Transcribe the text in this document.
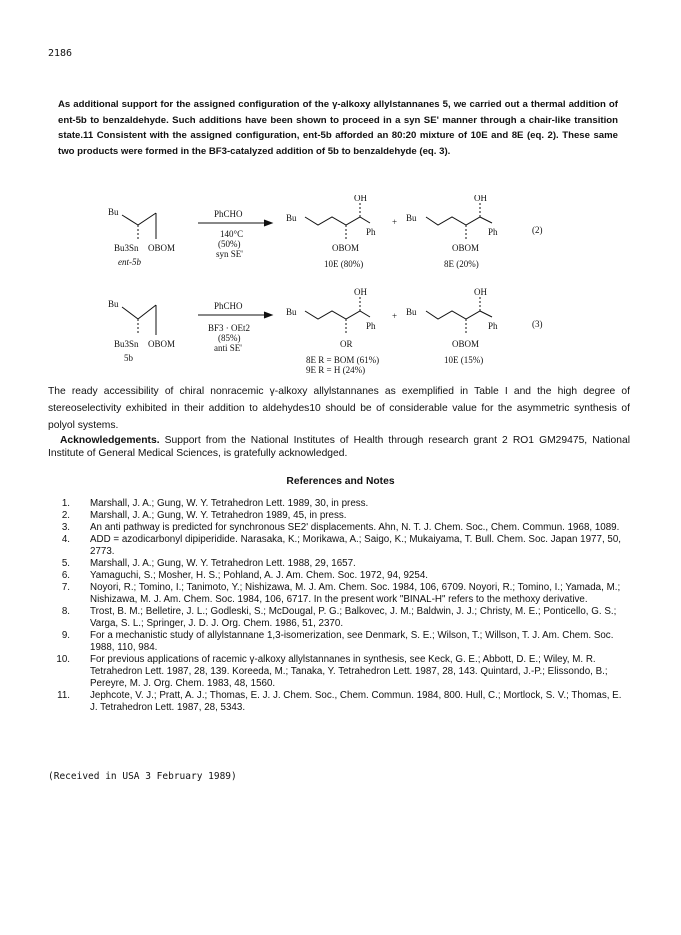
2186

As additional support for the assigned configuration of the γ-alkoxy allylstannanes 5, we carried out a thermal addition of ent-5b to benzaldehyde. Such additions have been shown to proceed in a syn SE' manner through a chair-like transition state.11 Consistent with the assigned configuration, ent-5b afforded an 80:20 mixture of 10E and 8E (eq. 2). These same two products were formed in the BF3-catalyzed addition of 5b to benzaldehyde (eq. 3).

Bu
Bu3Sn OBOM
ent-5b
PhCHO
140°C
(50%)
syn SE'
Bu
OH
Ph
OBOM
10E (80%)
+ Bu
OH
Ph
OBOM
8E (20%)
(2)
Bu
Bu3Sn OBOM
5b
PhCHO
BF3 · OEt2
(85%)
anti SE'
Bu
OH
Ph
OR
8E R = BOM (61%)
9E R = H (24%)
+ Bu
OH
Ph
OBOM
10E (15%)
(3)

The ready accessibility of chiral nonracemic γ-alkoxy allylstannanes as exemplified in Table I and the high degree of stereoselectivity exhibited in their addition to aldehydes10 should be of considerable value for the asymmetric synthesis of polyol systems.

Acknowledgements. Support from the National Institutes of Health through research grant 2 RO1 GM29475, National Institute of General Medical Sciences, is gratefully acknowledged.

References and Notes
1. Marshall, J. A.; Gung, W. Y. Tetrahedron Lett. 1989, 30, in press.
2. Marshall, J. A.; Gung, W. Y. Tetrahedron 1989, 45, in press.
3. An anti pathway is predicted for synchronous SE2' displacements. Ahn, N. T. J. Chem. Soc., Chem. Commun. 1968, 1089.
4. ADD = azodicarbonyl dipiperidide. Narasaka, K.; Morikawa, A.; Saigo, K.; Mukaiyama, T. Bull. Chem. Soc. Japan 1977, 50, 2773.
5. Marshall, J. A.; Gung, W. Y. Tetrahedron Lett. 1988, 29, 1657.
6. Yamaguchi, S.; Mosher, H. S.; Pohland, A. J. Am. Chem. Soc. 1972, 94, 9254.
7. Noyori, R.; Tomino, I.; Tanimoto, Y.; Nishizawa, M. J. Am. Chem. Soc. 1984, 106, 6709. Noyori, R.; Tomino, I.; Yamada, M.; Nishizawa, M. J. Am. Chem. Soc. 1984, 106, 6717. In the present work "BINAL-H" refers to the methoxy derivative.
8. Trost, B. M.; Belletire, J. L.; Godleski, S.; McDougal, P. G.; Balkovec, J. M.; Baldwin, J. J.; Christy, M. E.; Ponticello, G. S.; Varga, S. L.; Springer, J. D. J. Org. Chem. 1986, 51, 2370.
9. For a mechanistic study of allylstannane 1,3-isomerization, see Denmark, S. E.; Wilson, T.; Willson, T. J. Am. Chem. Soc. 1988, 110, 984.
10. For previous applications of racemic γ-alkoxy allylstannanes in synthesis, see Keck, G. E.; Abbott, D. E.; Wiley, M. R. Tetrahedron Lett. 1987, 28, 139. Koreeda, M.; Tanaka, Y. Tetrahedron Lett. 1987, 28, 143. Quintard, J.-P.; Elissondo, B.; Pereyre, M. J. Org. Chem. 1983, 48, 1560.
11. Jephcote, V. J.; Pratt, A. J.; Thomas, E. J. J. Chem. Soc., Chem. Commun. 1984, 800. Hull, C.; Mortlock, S. V.; Thomas, E. J. Tetrahedron Lett. 1987, 28, 5343.
(Received in USA 3 February 1989)
